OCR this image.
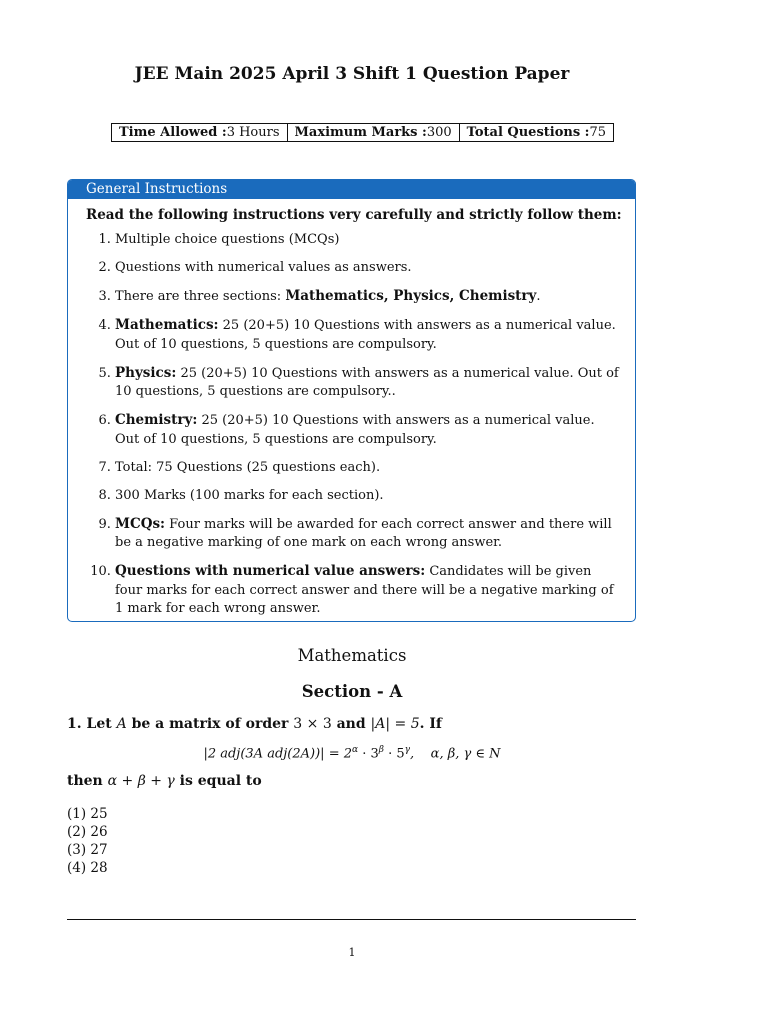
JEE Main 2025 April 3 Shift 1 Question Paper
Time Allowed :3 Hours	Maximum Marks :300	Total Questions :75
General Instructions
Read the following instructions very carefully and strictly follow them:
1. Multiple choice questions (MCQs)
2. Questions with numerical values as answers.
3. There are three sections: Mathematics, Physics, Chemistry.
4. Mathematics: 25 (20+5) 10 Questions with answers as a numerical value. Out of 10 questions, 5 questions are compulsory.
5. Physics: 25 (20+5) 10 Questions with answers as a numerical value. Out of 10 questions, 5 questions are compulsory..
6. Chemistry: 25 (20+5) 10 Questions with answers as a numerical value. Out of 10 questions, 5 questions are compulsory.
7. Total: 75 Questions (25 questions each).
8. 300 Marks (100 marks for each section).
9. MCQs: Four marks will be awarded for each correct answer and there will be a negative marking of one mark on each wrong answer.
10. Questions with numerical value answers: Candidates will be given four marks for each correct answer and there will be a negative marking of 1 mark for each wrong answer.
Mathematics
Section - A
1. Let A be a matrix of order 3 × 3 and |A| = 5. If
|2 adj(3A $adj(2A))| = 2^\alpha \cdot 3^\beta \cdot 5^\gamma$,    α, β, γ ∈ N
then α + β + γ is equal to
(1) 25
(2) 26
(3) 27
(4) 28
1
